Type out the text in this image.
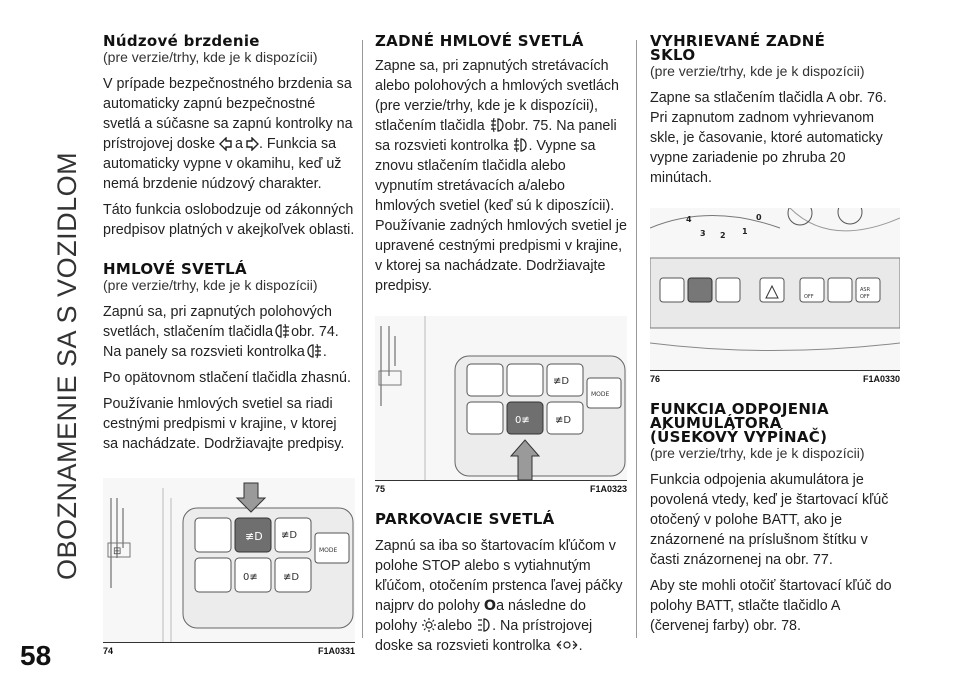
OBOZNAMENIE SA S VOZIDLOM
58
Núdzové brzdenie
(pre verzie/trhy, kde je k dispozícii)

V prípade bezpečnostného brzdenia sa automaticky zapnú bezpečnostné svetlá a súčasne sa zapnú kontrolky na prístrojovej doske a . Funkcia sa automaticky vypne v okamihu, keď už nemá brzdenie núdzový charakter.

Táto funkcia oslobodzuje od zákonných predpisov platných v akejkoľvek oblasti.

HMLOVÉ SVETLÁ
(pre verzie/trhy, kde je k dispozícii)

Zapnú sa, pri zapnutých polohových svetlách, stlačením tlačidla obr. 74. Na panely sa rozsvieti kontrolka .

Po opätovnom stlačení tlačidla zhasnú.

Používanie hmlových svetiel sa riadi cestnými predpismi v krajine, v ktorej sa nachádzate. Dodržiavajte predpisy.

⊞
≢D
0≢	≢D
≢D
MODE
74	F1A0331
ZADNÉ HMLOVÉ SVETLÁ

Zapne sa, pri zapnutých stretávacích alebo polohových a hmlových svetlách (pre verzie/trhy, kde je k dispozícii), stlačením tlačidla obr. 75. Na paneli sa rozsvieti kontrolka . Vypne sa znovu stlačením tlačidla alebo vypnutím stretávacích a/alebo hmlových svetiel (keď sú k diposzícii). Používanie zadných hmlových svetiel je upravené cestnými predpismi v krajine, v ktorej sa nachádzate. Dodržiavajte predpisy.

0≢	≢D
≢D
MODE
75	F1A0323
PARKOVACIE SVETLÁ

Zapnú sa iba so štartovacím kľúčom v polohe STOP alebo s vytiahnutým kľúčom, otočením prstenca ľavej páčky najprv do polohy Oa následne do polohy alebo . Na prístrojovej doske sa rozsvieti kontrolka .

VYHRIEVANÉ ZADNÉ SKLO
(pre verzie/trhy, kde je k dispozícii)

Zapne sa stlačením tlačidla A obr. 76. Pri zapnutom zadnom vyhrievanom skle, je časovanie, ktoré automaticky vypne zariadenie po zhruba 20 minútach.

4
3 2 1
0
OFF
ASR
OFF
76	F1A0330
FUNKCIA ODPOJENIA AKUMULÁTORA (ÚSEKOVÝ VYPÍNAČ)
(pre verzie/trhy, kde je k dispozícii)

Funkcia odpojenia akumulátora je povolená vtedy, keď je štartovací kľúč otočený v polohe BATT, ako je znázornené na príslušnom štítku v časti znázornenej na obr. 77.

Aby ste mohli otočiť štartovací kľúč do polohy BATT, stlačte tlačidlo A (červenej farby) obr. 78.
